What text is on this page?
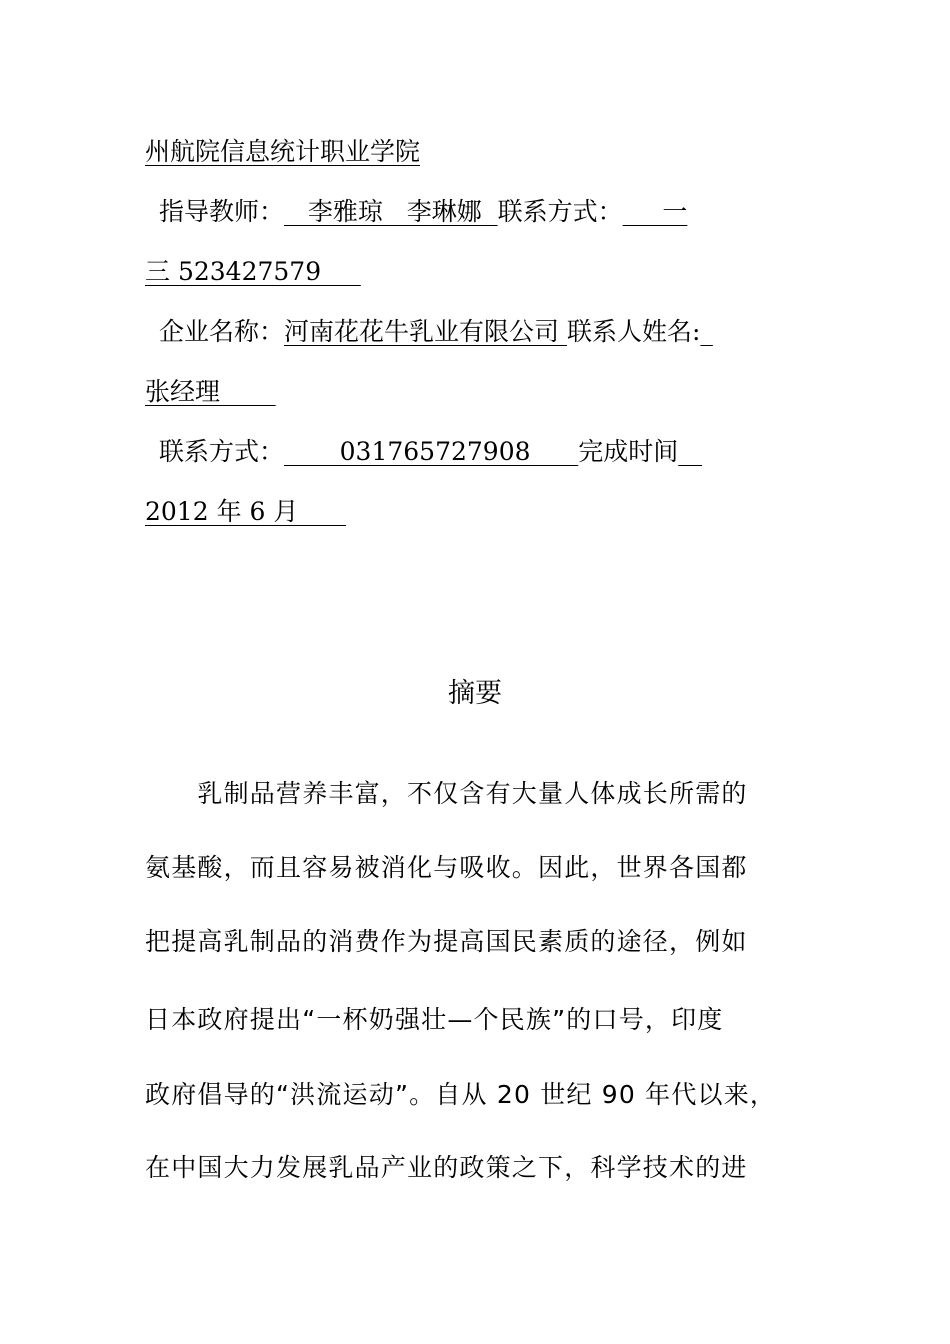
州航院信息统计职业学院
指导教师：   李雅琼   李琳娜  联系方式：     一
三 523427579
企业名称：河南花花牛乳业有限公司 联系人姓名:_
张经理
联系方式：       031765727908      完成时间
2012 年 6 月
摘要
　　乳制品营养丰富，不仅含有大量人体成长所需的
氨基酸，而且容易被消化与吸收。因此，世界各国都
把提高乳制品的消费作为提高国民素质的途径，例如
日本政府提出“一杯奶强壮—个民族”的口号，印度
政府倡导的“洪流运动”。自从 20 世纪 90 年代以来，
在中国大力发展乳品产业的政策之下，科学技术的进
